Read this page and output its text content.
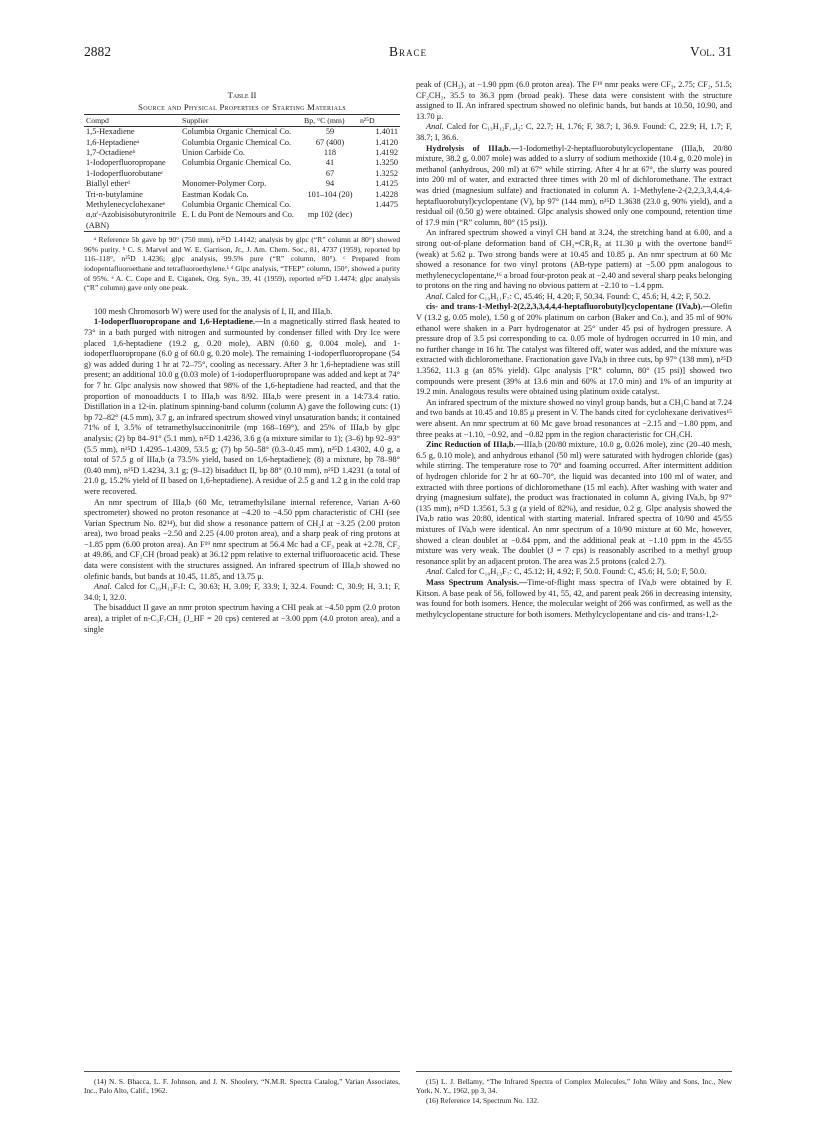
2882	Brace	Vol. 31
Table II
Source and Physical Properties of Starting Materials
Compd	Supplier	Bp, °C (mm)	n²⁵D
1,5-Hexadiene	Columbia Organic Chemical Co.	59	1.4011
1,6-Heptadieneᵃ	Columbia Organic Chemical Co.	67 (400)	1.4120
1,7-Octadieneᵇ	Union Carbide Co.	118	1.4192
1-Iodoperfluoropropane	Columbia Organic Chemical Co.	41	1.3250
1-Iodoperfluorobutaneᶜ		67	1.3252
Biallyl etherᵈ	Monomer-Polymer Corp.	94	1.4125
Tri-n-butylamine	Eastman Kodak Co.	101–104 (20)	1.4228
Methylenecyclohexaneᵉ	Columbia Organic Chemical Co.		1.4475
α,α′-Azobisisobutyronitrile (ABN)	E. I. du Pont de Nemours and Co.	mp 102 (dec)	

ᵃ Reference 5b gave bp 90° (750 mm), n²⁵D 1.4142; analysis by glpc (“R” column at 80°) showed 96% purity. ᵇ C. S. Marvel and W. E. Garrison, Jr., J. Am. Chem. Soc., 81, 4737 (1959), reported bp 116–118°, n²⁵D 1.4236; glpc analysis, 99.5% pure (“R” column, 80°). ᶜ Prepared from iodopentafluoroethane and tetrafluoroethylene.¹ ᵈ Glpc analysis, “TFEP” column, 150°, showed a purity of 95%. ᵉ A. C. Cope and E. Ciganek, Org. Syn., 39, 41 (1959), reported n²⁵D 1.4474; glpc analysis (“R” column) gave only one peak.

100 mesh Chromosorb W) were used for the analysis of I, II, and IIIa,b.

1-Iodoperfluoropropane and 1,6-Heptadiene.—In a magnetically stirred flask heated to 73° in a bath purged with nitrogen and surmounted by condenser filled with Dry Ice were placed 1,6-heptadiene (19.2 g, 0.20 mole), ABN (0.60 g, 0.004 mole), and 1-iodoperfluoropropane (6.0 g of 60.0 g, 0.20 mole). The remaining 1-iodoperfluoropropane (54 g) was added during 1 hr at 72–75°, cooling as necessary. After 3 hr 1,6-heptadiene was still present; an additional 10.0 g (0.03 mole) of 1-iodoperfluoropropane was added and kept at 74° for 7 hr. Glpc analysis now showed that 98% of the 1,6-heptadiene had reacted, and that the proportion of monoadducts I to IIIa,b was 8/92. IIIa,b were present in a 14:73.4 ratio. Distillation in a 12-in. platinum spinning-band column (column A) gave the following cuts: (1) bp 72–82° (4.5 mm), 3.7 g, an infrared spectrum showed vinyl unsaturation bands; it contained 71% of I, 3.5% of tetramethylsuccinonitrile (mp 168–169°), and 25% of IIIa,b by glpc analysis; (2) bp 84–91° (5.1 mm), n²⁵D 1.4236, 3.6 g (a mixture similar to 1); (3–6) bp 92–93° (5.5 mm), n²⁵D 1.4295–1.4309, 53.5 g; (7) bp 50–58° (0.3–0.45 mm), n²⁵D 1.4302, 4.0 g, a total of 57.5 g of IIIa,b (a 73.5% yield, based on 1,6-heptadiene); (8) a mixture, bp 78–98° (0.40 mm), n²⁵D 1.4234, 3.1 g; (9–12) bisadduct II, bp 88° (0.10 mm), n²⁵D 1.4231 (a total of 21.0 g, 15.2% yield of II based on 1,6-heptadiene). A residue of 2.5 g and 1.2 g in the cold trap were recovered.

An nmr spectrum of IIIa,b (60 Mc, tetramethylsilane internal reference, Varian A-60 spectrometer) showed no proton resonance at −4.20 to −4.50 ppm characteristic of CHI (see Varian Spectrum No. 82¹⁴), but did show a resonance pattern of CH₂I at −3.25 (2.00 proton area), two broad peaks −2.50 and 2.25 (4.00 proton area), and a sharp peak of ring protons at −1.85 ppm (6.00 proton area). An F¹⁹ nmr spectrum at 56.4 Mc had a CF₃ peak at +2.78, CF₂ at 49.86, and CF₂CH (broad peak) at 36.12 ppm relative to external trifluoroacetic acid. These data were consistent with the structures assigned. An infrared spectrum of IIIa,b showed no olefinic bands, but bands at 10.45, 11.85, and 13.75 μ.

Anal. Calcd for C₁₀H₁₂F₇I: C, 30.63; H, 3.09; F, 33.9; I, 32.4. Found: C, 30.9; H, 3.1; F, 34.0; I, 32.0.

The bisadduct II gave an nmr proton spectrum having a CHI peak at −4.50 ppm (2.0 proton area), a triplet of n-C₃F₇CH₂ (J_HF = 20 cps) centered at −3.00 ppm (4.0 proton area), and a single

peak of (CH₂)₃ at −1.90 ppm (6.0 proton area). The F¹⁹ nmr peaks were CF₃, 2.75; CF₂, 51.5; CF₂CH₂, 35.5 to 36.3 ppm (broad peak). These data were consistent with the structure assigned to II. An infrared spectrum showed no olefinic bands, but bands at 10.50, 10.90, and 13.70 μ.

Anal. Calcd for C₁₃H₁₂F₁₄I₂: C, 22.7; H, 1.76; F, 38.7; I, 36.9. Found: C, 22.9; H, 1.7; F, 38.7; I, 36.6.

Hydrolysis of IIIa,b.—1-Iodomethyl-2-heptafluorobutylcyclopentane (IIIa,b, 20/80 mixture, 38.2 g, 0.007 mole) was added to a slurry of sodium methoxide (10.4 g, 0.20 mole) in methanol (anhydrous, 200 ml) at 67° while stirring. After 4 hr at 67°, the slurry was poured into 200 ml of water, and extracted three times with 20 ml of dichloromethane. The extract was dried (magnesium sulfate) and fractionated in column A. 1-Methylene-2-(2,2,3,3,4,4,4-heptafluorobutyl)cyclopentane (V), bp 97° (144 mm), n²⁵D 1.3638 (23.0 g, 90% yield), and a residual oil (0.50 g) were obtained. Glpc analysis showed only one compound, retention time of 17.9 min (“R” column, 80° (15 psi)).

An infrared spectrum showed a vinyl CH band at 3.24, the stretching band at 6.00, and a strong out-of-plane deformation band of CH₂=CR₁R₂ at 11.30 μ with the overtone band¹⁵ (weak) at 5.62 μ. Two strong bands were at 10.45 and 10.85 μ. An nmr spectrum at 60 Mc showed a resonance for two vinyl protons (AB-type pattern) at −5.00 ppm analogous to methylenecyclopentane,¹⁶ a broad four-proton peak at −2.40 and several sharp peaks belonging to protons on the ring and having no obvious pattern at −2.10 to −1.4 ppm.

Anal. Calcd for C₁₀H₁₁F₇: C, 45.46; H, 4.20; F, 50.34. Found: C, 45.6; H, 4.2; F, 50.2.

cis- and trans-1-Methyl-2(2,2,3,3,4,4,4-heptafluorobutyl)cyclopentane (IVa,b).—Olefin V (13.2 g, 0.05 mole), 1.50 g of 20% platinum on carbon (Baker and Co.), and 35 ml of 90% ethanol were shaken in a Parr hydrogenator at 25° under 45 psi of hydrogen pressure. A pressure drop of 3.5 psi corresponding to ca. 0.05 mole of hydrogen occurred in 10 min, and no further change in 16 hr. The catalyst was filtered off, water was added, and the mixture was extracted with dichloromethane. Fractionation gave IVa,b in three cuts, bp 97° (138 mm), n²⁵D 1.3562, 11.3 g (an 85% yield). Glpc analysis [“R” column, 80° (15 psi)] showed two compounds were present (39% at 13.6 min and 60% at 17.0 min) and 1% of an impurity at 19.2 min. Analogous results were obtained using platinum oxide catalyst.

An infrared spectrum of the mixture showed no vinyl group bands, but a CH₃C band at 7.24 and two bands at 10.45 and 10.85 μ present in V. The bands cited for cyclohexane derivatives¹⁵ were absent. An nmr spectrum at 60 Mc gave broad resonances at −2.15 and −1.80 ppm, and three peaks at −1.10, −0.92, and −0.82 ppm in the region characteristic for CH₃CH.

Zinc Reduction of IIIa,b.—IIIa,b (20/80 mixture, 10.0 g, 0.026 mole), zinc (20–40 mesh, 6.5 g, 0.10 mole), and anhydrous ethanol (50 ml) were saturated with hydrogen chloride (gas) while stirring. The temperature rose to 70° and foaming occurred. After intermittent addition of hydrogen chloride for 2 hr at 60–70°, the liquid was decanted into 100 ml of water, and extracted with three portions of dichloromethane (15 ml each). After washing with water and drying (magnesium sulfate), the product was fractionated in column A, giving IVa,b, bp 97° (135 mm), n²⁵D 1.3561, 5.3 g (a yield of 82%), and residue, 0.2 g. Glpc analysis showed the IVa,b ratio was 20:80, identical with starting material. Infrared spectra of 10/90 and 45/55 mixtures of IVa,b were identical. An nmr spectrum of a 10/90 mixture at 60 Mc, however, showed a clean doublet at −0.84 ppm, and the additional peak at −1.10 ppm in the 45/55 mixture was very weak. The doublet (J = 7 cps) is reasonably ascribed to a methyl group resonance split by an adjacent proton. The area was 2.5 protons (calcd 2.7).

Anal. Calcd for C₁₀H₁₃F₇: C, 45.12; H, 4.92; F, 50.0. Found: C, 45.6; H, 5.0; F, 50.0.

Mass Spectrum Analysis.—Time-of-flight mass spectra of IVa,b were obtained by F. Kitson. A base peak of 56, followed by 41, 55, 42, and parent peak 266 in decreasing intensity, was found for both isomers. Hence, the molecular weight of 266 was confirmed, as well as the methylcyclopentane structure for both isomers. Methylcyclopentane and cis- and trans-1,2-

(14) N. S. Bhacca, L. F. Johnson, and J. N. Shoolery, “N.M.R. Spectra Catalog,” Varian Associates, Inc., Palo Alto, Calif., 1962.

(15) L. J. Bellamy, “The Infrared Spectra of Complex Molecules,” John Wiley and Sons, Inc., New York, N. Y., 1962, pp 3, 34.

(16) Reference 14, Spectrum No. 132.
